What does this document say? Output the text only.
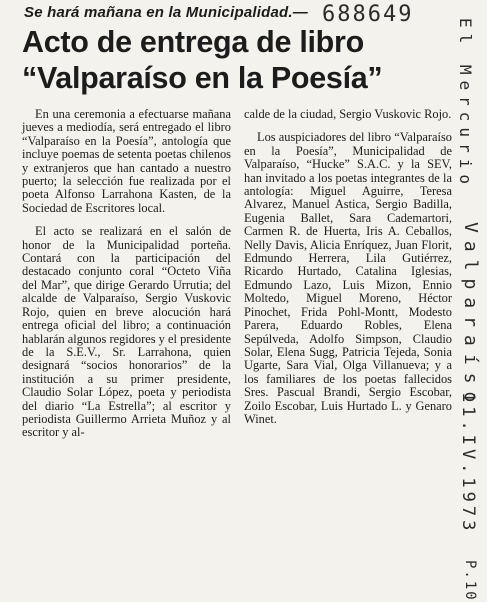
Se hará mañana en la Municipalidad.—
Acto de entrega de libro
“Valparaíso en la Poesía”

En una ceremonia a efectuarse mañana jueves a mediodía, será entregado el libro “Valparaíso en la Poesía”, antología que incluye poemas de setenta poetas chilenos y extranjeros que han cantado a nuestro puerto; la selección fue realizada por el poeta Alfonso Larrahona Kasten, de la Sociedad de Escritores local.

El acto se realizará en el salón de honor de la Municipalidad porteña. Contará con la participación del destacado conjunto coral “Octeto Viña del Mar”, que dirige Gerardo Urrutia; del alcalde de Valparaíso, Sergio Vuskovic Rojo, quien en breve alocución hará entrega oficial del libro; a continuación hablarán algunos regidores y el presidente de la S.E.V., Sr. Larrahona, quien designará “socios honorarios” de la institución a su primer presidente, Claudio Solar López, poeta y periodista del diario “La Estrella”; al escritor y periodista Guillermo Arrieta Muñoz y al escritor y al-

calde de la ciudad, Sergio Vuskovic Rojo.

Los auspiciadores del libro “Valparaíso en la Poesía”, Municipalidad de Valparaíso, “Hucke” S.A.C. y la SEV, han invitado a los poetas integrantes de la antología: Miguel Aguirre, Teresa Alvarez, Manuel Astica, Sergio Badilla, Eugenia Ballet, Sara Cademartori, Carmen R. de Huerta, Iris A. Ceballos, Nelly Davis, Alicia Enríquez, Juan Florit, Edmundo Herrera, Lila Gutiérrez, Ricardo Hurtado, Catalina Iglesias, Edmundo Lazo, Luis Mizon, Ennio Moltedo, Miguel Moreno, Héctor Pinochet, Frida Pohl-Montt, Modesto Parera, Eduardo Robles, Elena Sepúlveda, Adolfo Simpson, Claudio Solar, Elena Sugg, Patricia Tejeda, Sonia Ugarte, Sara Vial, Olga Villanueva; y a los familiares de los poetas fallecidos Sres. Pascual Brandi, Sergio Escobar, Zoilo Escobar, Luis Hurtado L. y Genaro Winet.

688649
El Mercurio
Valparaíso
11.IV.1973
P.10
